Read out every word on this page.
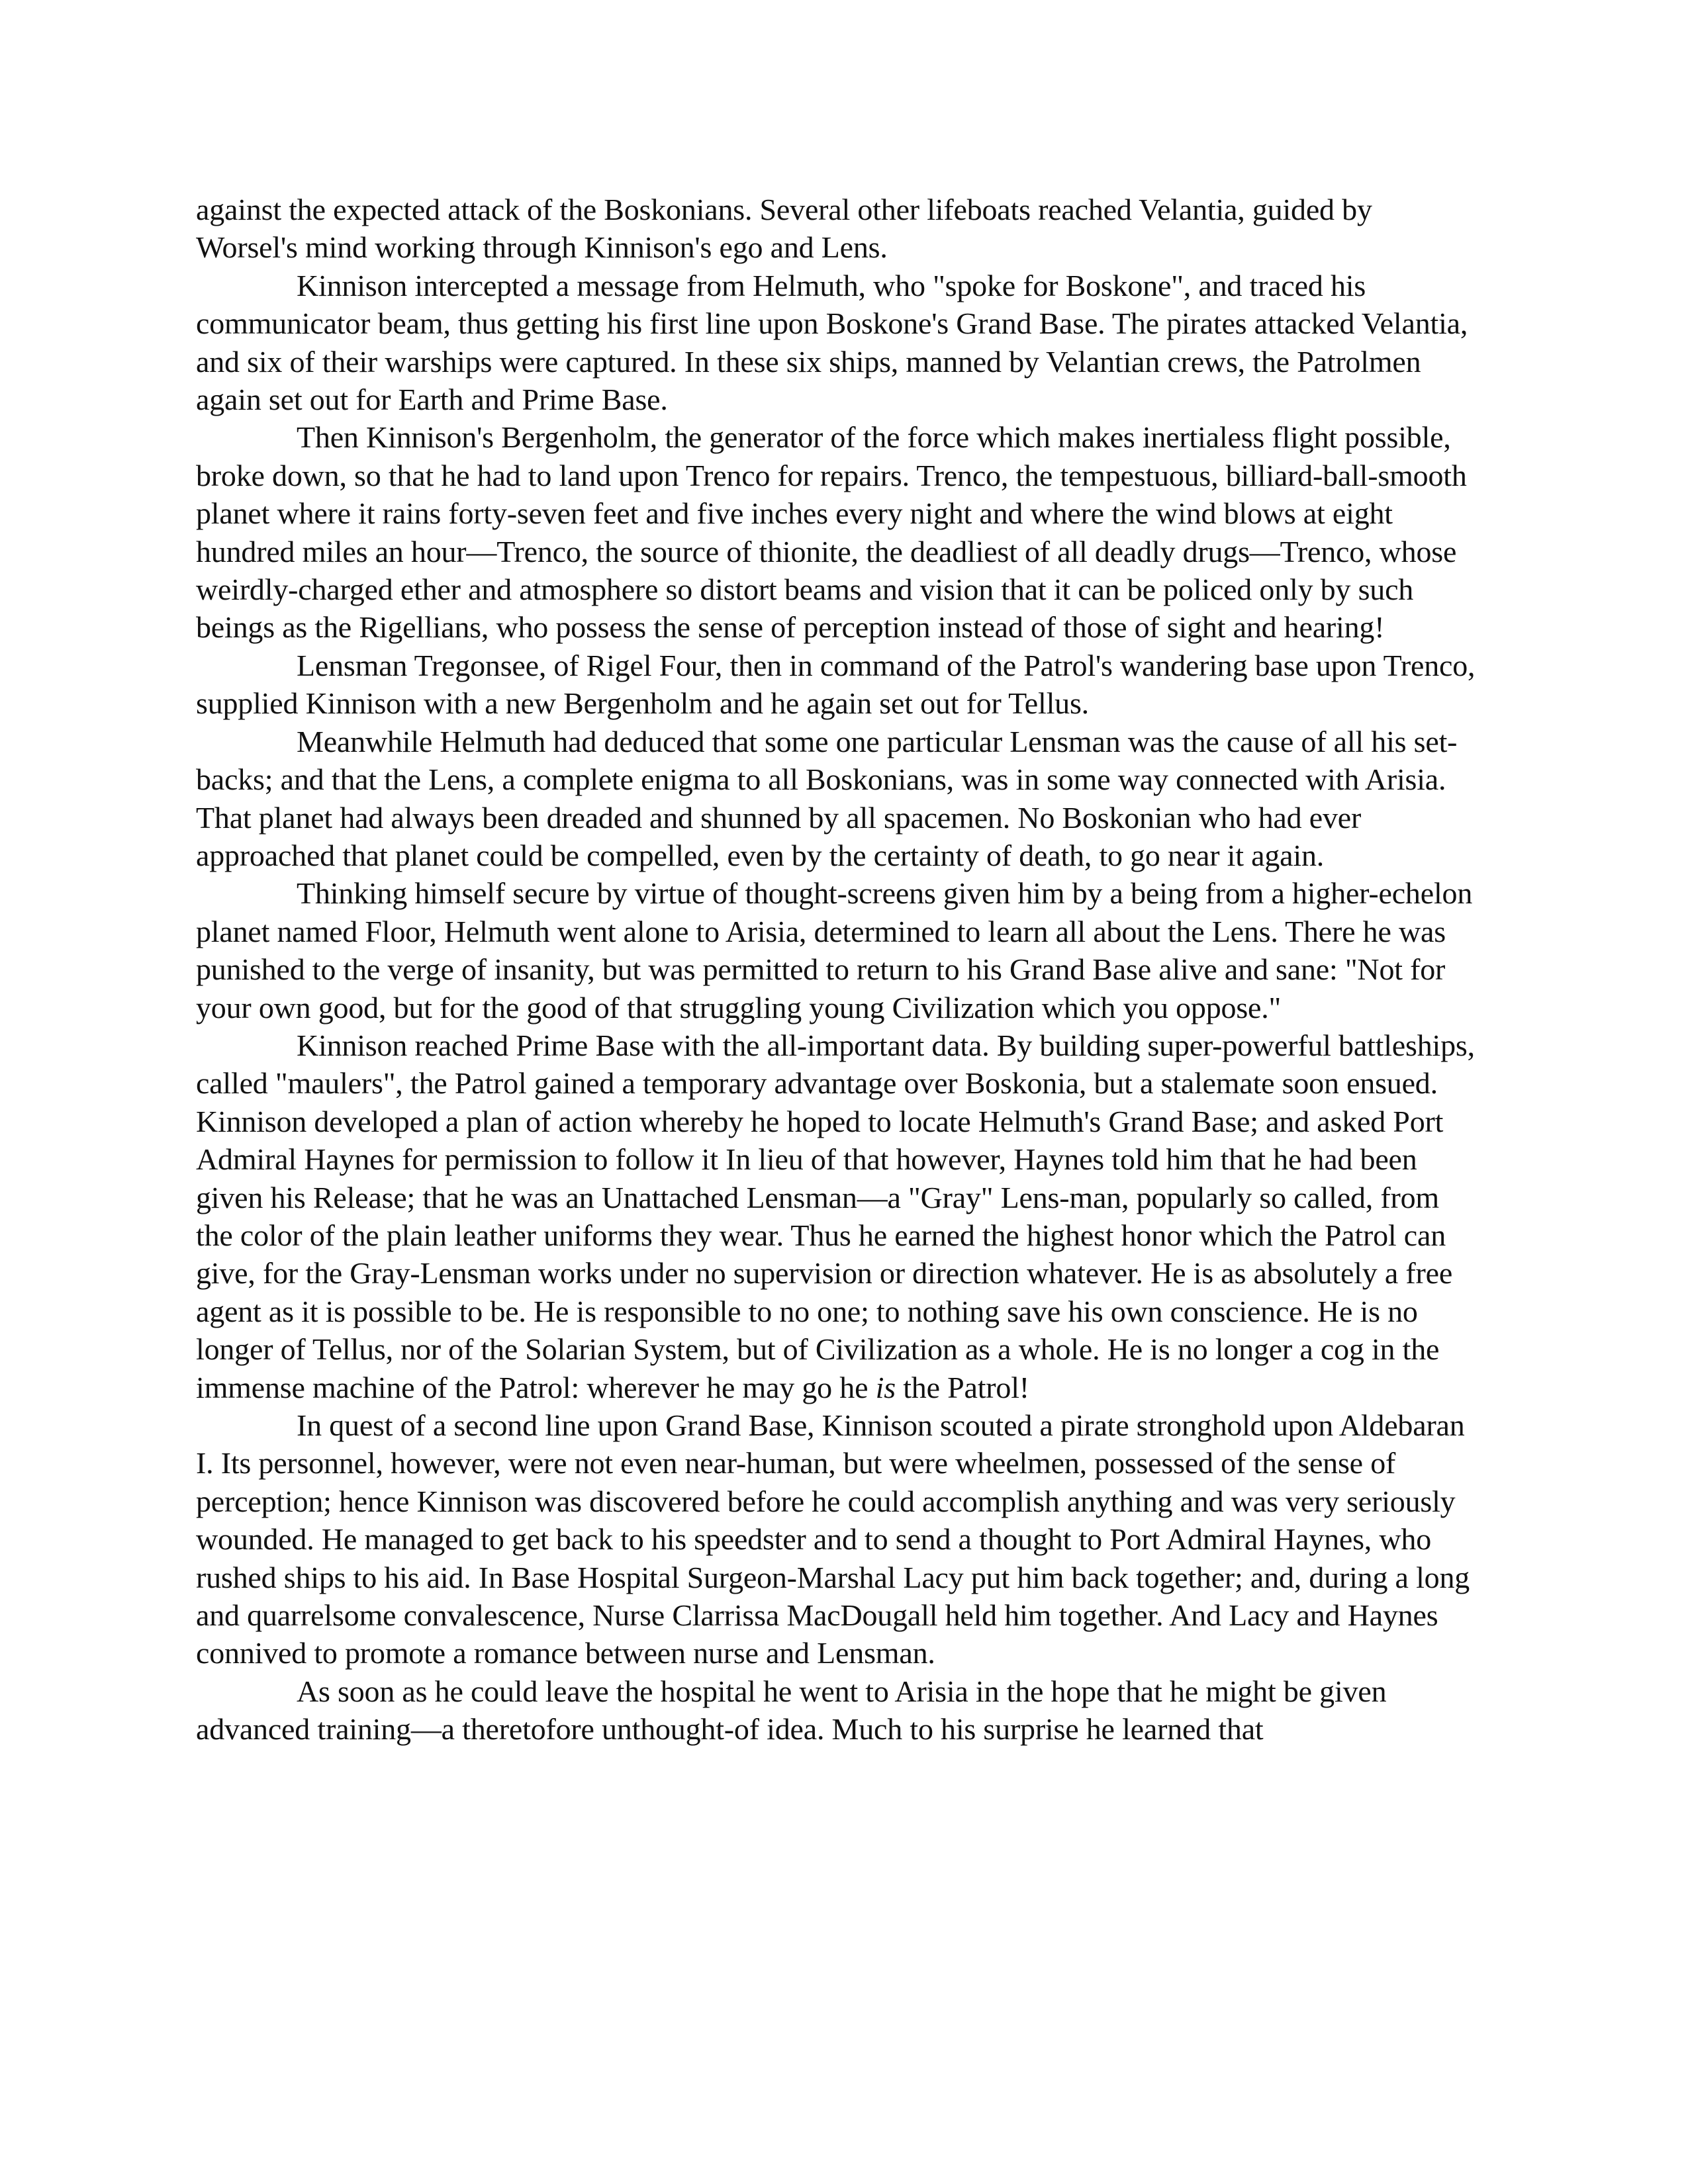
against the expected attack of the Boskonians. Several other lifeboats reached Velantia, guided by Worsel's mind working through Kinnison's ego and Lens.

Kinnison intercepted a message from Helmuth, who "spoke for Boskone", and traced his communicator beam, thus getting his first line upon Boskone's Grand Base. The pirates attacked Velantia, and six of their warships were captured. In these six ships, manned by Velantian crews, the Patrolmen again set out for Earth and Prime Base.

Then Kinnison's Bergenholm, the generator of the force which makes inertialess flight possible, broke down, so that he had to land upon Trenco for repairs. Trenco, the tempestuous, billiard-ball-smooth planet where it rains forty-seven feet and five inches every night and where the wind blows at eight hundred miles an hour—Trenco, the source of thionite, the deadliest of all deadly drugs—Trenco, whose weirdly-charged ether and atmosphere so distort beams and vision that it can be policed only by such beings as the Rigellians, who possess the sense of perception instead of those of sight and hearing!

Lensman Tregonsee, of Rigel Four, then in command of the Patrol's wandering base upon Trenco, supplied Kinnison with a new Bergenholm and he again set out for Tellus.

Meanwhile Helmuth had deduced that some one particular Lensman was the cause of all his set-backs; and that the Lens, a complete enigma to all Boskonians, was in some way connected with Arisia. That planet had always been dreaded and shunned by all spacemen. No Boskonian who had ever approached that planet could be compelled, even by the certainty of death, to go near it again.

Thinking himself secure by virtue of thought-screens given him by a being from a higher-echelon planet named Floor, Helmuth went alone to Arisia, determined to learn all about the Lens. There he was punished to the verge of insanity, but was permitted to return to his Grand Base alive and sane: "Not for your own good, but for the good of that struggling young Civilization which you oppose."

Kinnison reached Prime Base with the all-important data. By building super-powerful battleships, called "maulers", the Patrol gained a temporary advantage over Boskonia, but a stalemate soon ensued. Kinnison developed a plan of action whereby he hoped to locate Helmuth's Grand Base; and asked Port Admiral Haynes for permission to follow it In lieu of that however, Haynes told him that he had been given his Release; that he was an Unattached Lensman—a "Gray" Lens-man, popularly so called, from the color of the plain leather uniforms they wear. Thus he earned the highest honor which the Patrol can give, for the Gray-Lensman works under no supervision or direction whatever. He is as absolutely a free agent as it is possible to be. He is responsible to no one; to nothing save his own conscience. He is no longer of Tellus, nor of the Solarian System, but of Civilization as a whole. He is no longer a cog in the immense machine of the Patrol: wherever he may go he is the Patrol!

In quest of a second line upon Grand Base, Kinnison scouted a pirate stronghold upon Aldebaran I. Its personnel, however, were not even near-human, but were wheelmen, possessed of the sense of perception; hence Kinnison was discovered before he could accomplish anything and was very seriously wounded. He managed to get back to his speedster and to send a thought to Port Admiral Haynes, who rushed ships to his aid. In Base Hospital Surgeon-Marshal Lacy put him back together; and, during a long and quarrelsome convalescence, Nurse Clarrissa MacDougall held him together. And Lacy and Haynes connived to promote a romance between nurse and Lensman.

As soon as he could leave the hospital he went to Arisia in the hope that he might be given advanced training—a theretofore unthought-of idea. Much to his surprise he learned that
